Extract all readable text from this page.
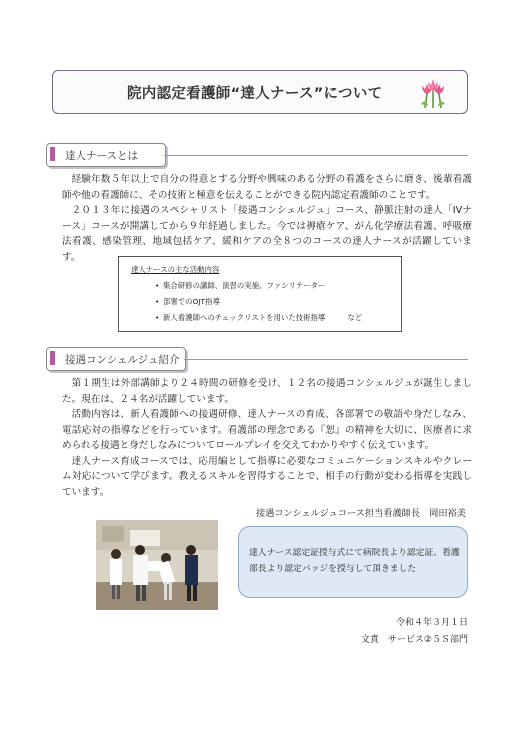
院内認定看護師“達人ナース”について
達人ナースとは

経験年数５年以上で自分の得意とする分野や興味のある分野の看護をさらに磨き、後輩看護師や他の看護師に、その技術と極意を伝えることができる院内認定看護師のことです。

２０１３年に接遇のスペシャリスト「接遇コンシェルジュ」コース、静脈注射の達人「IVナース」コースが開講してから９年経過しました。今では褥瘡ケア、がん化学療法看護、呼吸療法看護、感染管理、地域包括ケア、緩和ケアの全８つのコースの達人ナースが活躍しています。

達人ナースの主な活動内容
• 集合研修の講師、演習の実施、ファシリテーター
• 部署でのOJT指導
• 新人看護師へのチェックリストを用いた技術指導　　　など
接遇コンシェルジュ紹介

第１期生は外部講師より２４時間の研修を受け、１２名の接遇コンシェルジュが誕生しました。現在は、２４名が活躍しています。

活動内容は、新人看護師への接遇研修、達人ナースの育成、各部署での敬語や身だしなみ、電話応対の指導などを行っています。看護部の理念である『恕』の精神を大切に、医療者に求められる接遇と身だしなみについてロールプレイを交えてわかりやすく伝えています。

達人ナース育成コースでは、応用編として指導に必要なコミュニケーションスキルやクレーム対応について学びます。教えるスキルを習得することで、相手の行動が変わる指導を実践しています。

接遇コンシェルジュコース担当看護師長　岡田裕美
達人ナース認定証授与式にて病院長より認定証、看護部長より認定バッジを授与して頂きました
令和４年３月１日
文責　サービス②５Ｓ部門
